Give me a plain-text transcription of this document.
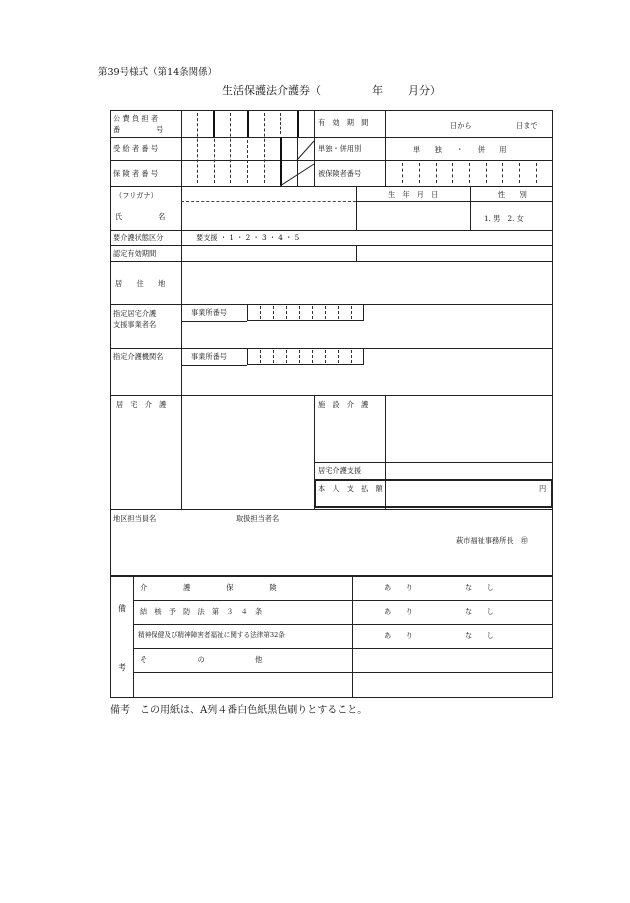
第39号様式（第14条関係）
生活保護法介護券（	年 月分）
公 費 負 担 者
番　　　　　号
受 給 者 番 号
保 険 者 番 号
有　効　期　間	日から	日まで
単独・併用別	単　　独　　・　　併　　用
被保険者番号
（フリガナ）
氏　　　　　名
生　年　月　日	性　　別
1. 男　2. 女
要介護状態区分	要支援 ・ 1 ・ 2 ・ 3 ・ 4 ・ 5
認定有効期間
居　　住　　地
指定居宅介護
支援事業者名
事業所番号
指定介護機関名	事業所番号
居　宅　介　護	施　設　介　護
居宅介護支援
本　人　支　払　額	円
地区担当員名	取扱担当者名
萩市福祉事務所長　㊞
備
考
介　　　　　護　　　　　保　　　　　険	あ　　り	な　　し
結　核　予　防　法　第　３　４　条	あ　　り	な　　し
精神保健及び精神障害者福祉に関する法律第32条	あ　　り	な　　し
そ　　　　　　　の　　　　　　　他
備考　この用紙は、A列４番白色紙黒色刷りとすること。
